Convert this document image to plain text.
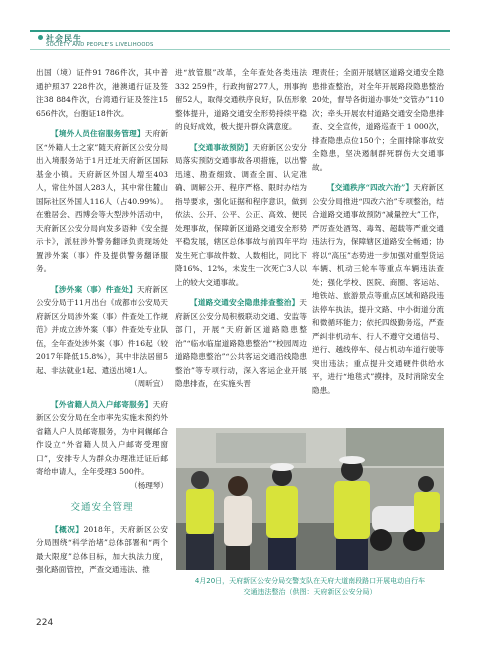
社会民生
SOCIETY AND PEOPLE'S LIVELIHOODS

出国（境）证件91 786件次，其中普通护照37 228件次，港澳通行证及签注38 884件次，台湾通行证及签注15 656件次，台胞证18件次。

【境外人员住宿服务管理】天府新区“外籍人士之家”随天府新区公安分局出入境服务站于1月迁址天府新区国际基金小镇。天府新区外国人增至403人，常住外国人283人，其中常住麓山国际社区外国人116人（占40.99%）。在雅居会、西博会等大型涉外活动中，天府新区公安分局向发多语种《安全提示卡》，派驻涉外警务翻译负责现场处置涉外案（事）件及提供警务翻译服务。

【涉外案（事）件查处】天府新区公安分局于11月出台《成都市公安局天府新区分局涉外案（事）件查处工作规范》并成立涉外案（事）件查处专业队伍，全年查处涉外案（事）件16起（较2017年降低15.8%），其中非法居留5起、非法就业1起、遣送出境1人。

（周昕宜）

【外省籍人员入户邮寄服务】天府新区公安分局在全市率先实施未预约外省籍人户人员邮寄服务，为中间辗邮合作设立“外省籍人员入户邮寄受理窗口”，安排专人为群众办理准迁证后邮寄给申请人，全年受理3 500件。

（杨理琴）

交通安全管理

【概况】2018年，天府新区公安分局围绕“科学治堵”总体部署和“两个最大限度”总体目标，加大执法力度，强化路面管控，严查交通违法、推

进“放管服”改革，全年查处各类违法332 259件，行政拘留277人，刑事拘留52人，取得交通秩序良好，队伍形象整体提升，道路交通安全形势持续平稳的良好成效，极大提升群众满意度。

【交通事故预防】天府新区公安分局落实预防交通事故各项措施，以出警迅速、勘查细致、调查全面、认定准确、调解公开、程序严格、限时办结为指导要求，强化证据和程序意识，做到依法、公开、公平、公正、高效、便民处理事故，保障新区道路交通安全形势平稳发展，辖区总体事故与前四年平均发生死亡事故件数、人数相比，同比下降16%、12%，未发生一次死亡3人以上的较大交通事故。

【道路交通安全隐患排查整治】天府新区公安分局积极联动交通、安监等部门，开展“天府新区道路隐患整治”“临水临崖道路隐患整治”“校园周边道路隐患整治”“公共客运交通沿线隐患整治”等专项行动，深入客运企业开展隐患排查，在实施头晋

理责任；全面开展辖区道路交通安全隐患排查整治，对全年开展路段隐患整治20处，督导各街道办事处“交管办”110次；牵头开展农村道路交通安全隐患排查、交全宣传，道路巡查干 1 000次，排查隐患点位150个；全面排除事故安全隐患，坚决遏制群死群伤大交通事故。

【交通秩序“四改六治”】天府新区公安分局推进“四改六治”专项整治，结合道路交通事故预防“减量控大”工作，严厉查处酒驾、毒驾、超载等严重交通违法行为，保障辖区道路安全畅通；协将以“高压”态势进一步加强对重型货运车辆、机动三轮车等重点车辆违法查处；强化学校、医院、商圈、客运站、地铁站、旅游景点等重点区域和路段违法停车执法，提升文路、中小街道分流和微循环能力；依托四级勤务巡，严查严纠非机动车、行人不遵守交通信号、逆行、越线停车、侵占机动车道行驶等突出违法；重点提升交通硬件供给水平，进行“地毯式”摸排，及时消除安全隐患。

4月20日，天府新区公安分局交警支队在天府大道南段路口开展电动自行车
交通违法整治（供图：天府新区公安分局）
224
